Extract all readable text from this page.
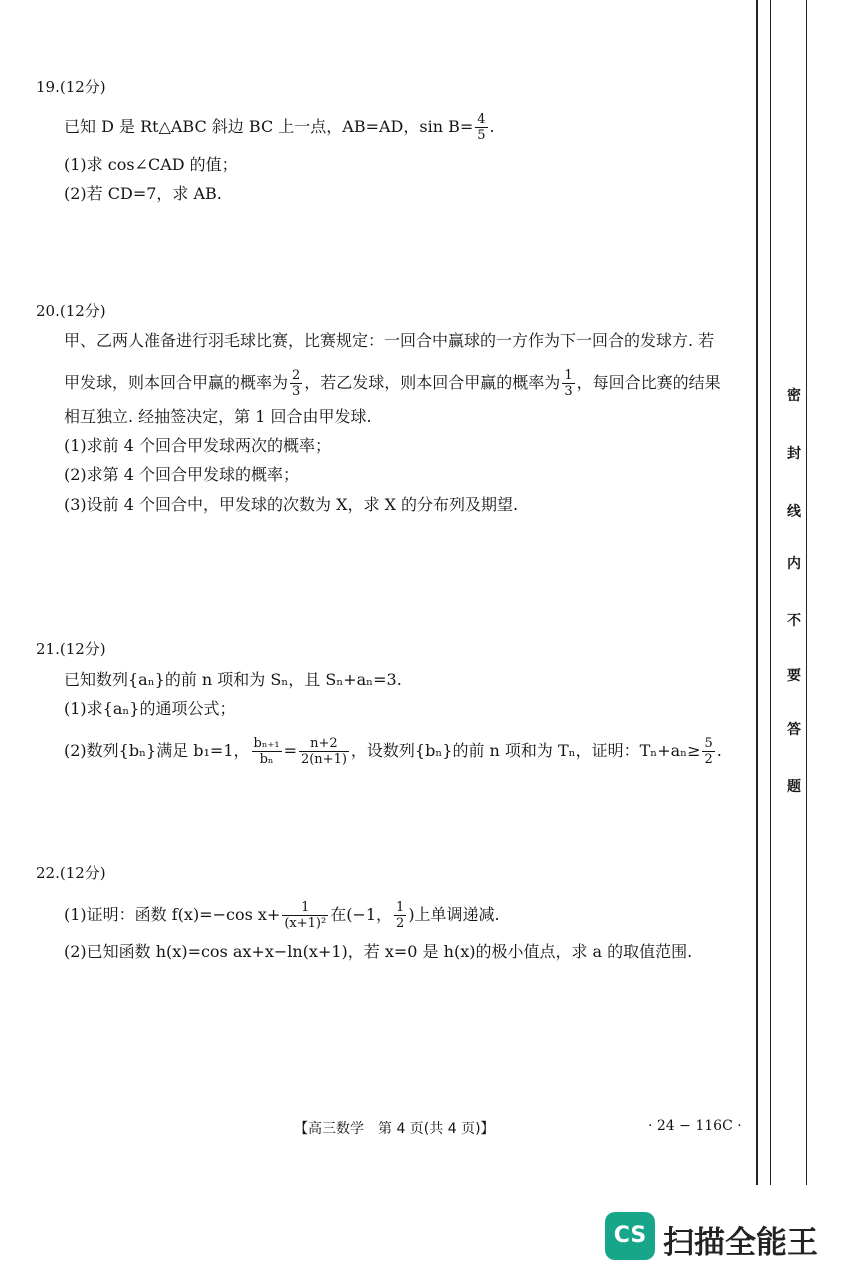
19.(12分)
已知 D 是 Rt△ABC 斜边 BC 上一点，AB=AD，$\sin B= \frac{4}{5}$ .
(1)求 cos∠CAD 的值；
(2)若 CD=7，求 AB.
20.(12分)
甲、乙两人准备进行羽毛球比赛，比赛规定：一回合中赢球的一方作为下一回合的发球方. 若
甲发球，则本回合甲赢的概率为 $\frac{2}{3}$ ，若乙发球，则本回合甲赢的概率为 $\frac{1}{3}$ ，每回合比赛的结果
相互独立. 经抽签决定，第 1 回合由甲发球.
(1)求前 4 个回合甲发球两次的概率；
(2)求第 4 个回合甲发球的概率；
(3)设前 4 个回合中，甲发球的次数为 X，求 X 的分布列及期望.
21.(12分)
已知数列{aₙ}的前 n 项和为 Sₙ，且 Sₙ+aₙ=3.
(1)求{aₙ}的通项公式；
(2)数列{bₙ}满足 b₁=1， $\frac{\text{bₙ₊₁}}{\text{bₙ}} = \frac{n+2}{2(n+1)}$ ，设数列{bₙ}的前 n 项和为 Tₙ，证明：$T_n+a_n\ge \frac{5}{2}$ .
22.(12分)
(1)证明：函数 f(x)=−cos $x+ \frac{1}{\text{(x+1)²}}$ 在(−1， $\frac{1}{2}$ )上单调递减.
(2)已知函数 h(x)=cos ax+x−ln(x+1)，若 x=0 是 h(x)的极小值点，求 a 的取值范围.
【高三数学　第 4 页(共 4 页)】	· 24 − 116C ·
密
封
线
内
不
要
答
题
CS 扫描全能王
